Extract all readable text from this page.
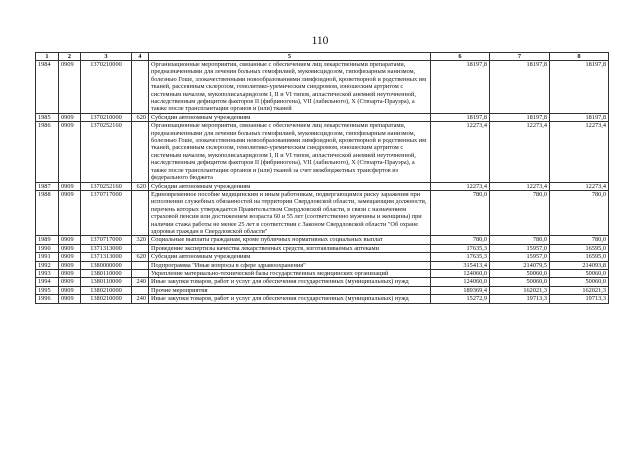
110
1	2	3	4	5	6	7	8
1984	0909	1370210000		Организационные мероприятия, связанные с обеспечением лиц лекарственными препаратами, предназначенными для лечения больных гемофилией, муковисцидозом, гипофизарным нанизмом, болезнью Гоше, злокачественными новообразованиями лимфоидной, кроветворной и родственных им тканей, рассеянным склерозом, гемолитико-уремическим синдромом, юношеским артритом с системным началом, мукополисахаридозом I, II и VI типов, апластической анемией неуточненной, наследственным дефицитом факторов II (фибриногена), VII (лабильного), X (Стюарта-Прауэра), а также после трансплантации органов и (или) тканей	18197,8	18197,8	18197,8
1985	0909	1370210000	620	Субсидии автономным учреждениям	18197,8	18197,8	18197,8
1986	0909	1370252160		Организационные мероприятия, связанные с обеспечением лиц лекарственными препаратами, предназначенными для лечения больных гемофилией, муковисцидозом, гипофизарным нанизмом, болезнью Гоше, злокачественными новообразованиями лимфоидной, кроветворной и родственных им тканей, рассеянным склерозом, гемолитико-уремическим синдромом, юношеским артритом с системным началом, мукополисахаридозом I, II и VI типов, апластической анемией неуточненной, наследственным дефицитом факторов II (фибриногена), VII (лабильного), X (Стюарта-Прауэра), а также после трансплантации органов и (или) тканей за счет межбюджетных трансфертов из федерального бюджета	12273,4	12273,4	12273,4
1987	0909	1370252160	620	Субсидии автономным учреждениям	12273,4	12273,4	12273,4
1988	0909	1370717000		Единовременное пособие медицинским и иным работникам, подвергающимся риску заражения при исполнении служебных обязанностей на территории Свердловской области, замещающим должности, перечень которых утверждается Правительством Свердловской области, в связи с назначением страховой пенсии или достижением возраста 60 и 55 лет (соответственно мужчины и женщины) при наличии стажа работы не менее 25 лет в соответствии с Законом Свердловской области "Об охране здоровья граждан в Свердловской области"	780,0	780,0	780,0
1989	0909	1370717000	320	Социальные выплаты гражданам, кроме публичных нормативных социальных выплат	780,0	780,0	780,0
1990	0909	1371313000		Проведение экспертизы качества лекарственных средств, изготавливаемых аптеками	17635,3	15957,0	16595,0
1991	0909	1371313000	620	Субсидии автономным учреждениям	17635,3	15957,0	16595,0
1992	0909	1380000000		Подпрограмма "Иные вопросы в сфере здравоохранения"	315413,4	214079,5	214093,8
1993	0909	1380110000		Укрепление материально-технической базы государственных медицинских организаций	124060,0	50060,0	50060,0
1994	0909	1380110000	240	Иные закупки товаров, работ и услуг для обеспечения государственных (муниципальных) нужд	124060,0	50060,0	50060,0
1995	0909	1380210000		Прочие мероприятия	189369,4	162021,3	162021,3
1996	0909	1380210000	240	Иные закупки товаров, работ и услуг для обеспечения государственных (муниципальных) нужд	15272,9	19713,3	19713,3
